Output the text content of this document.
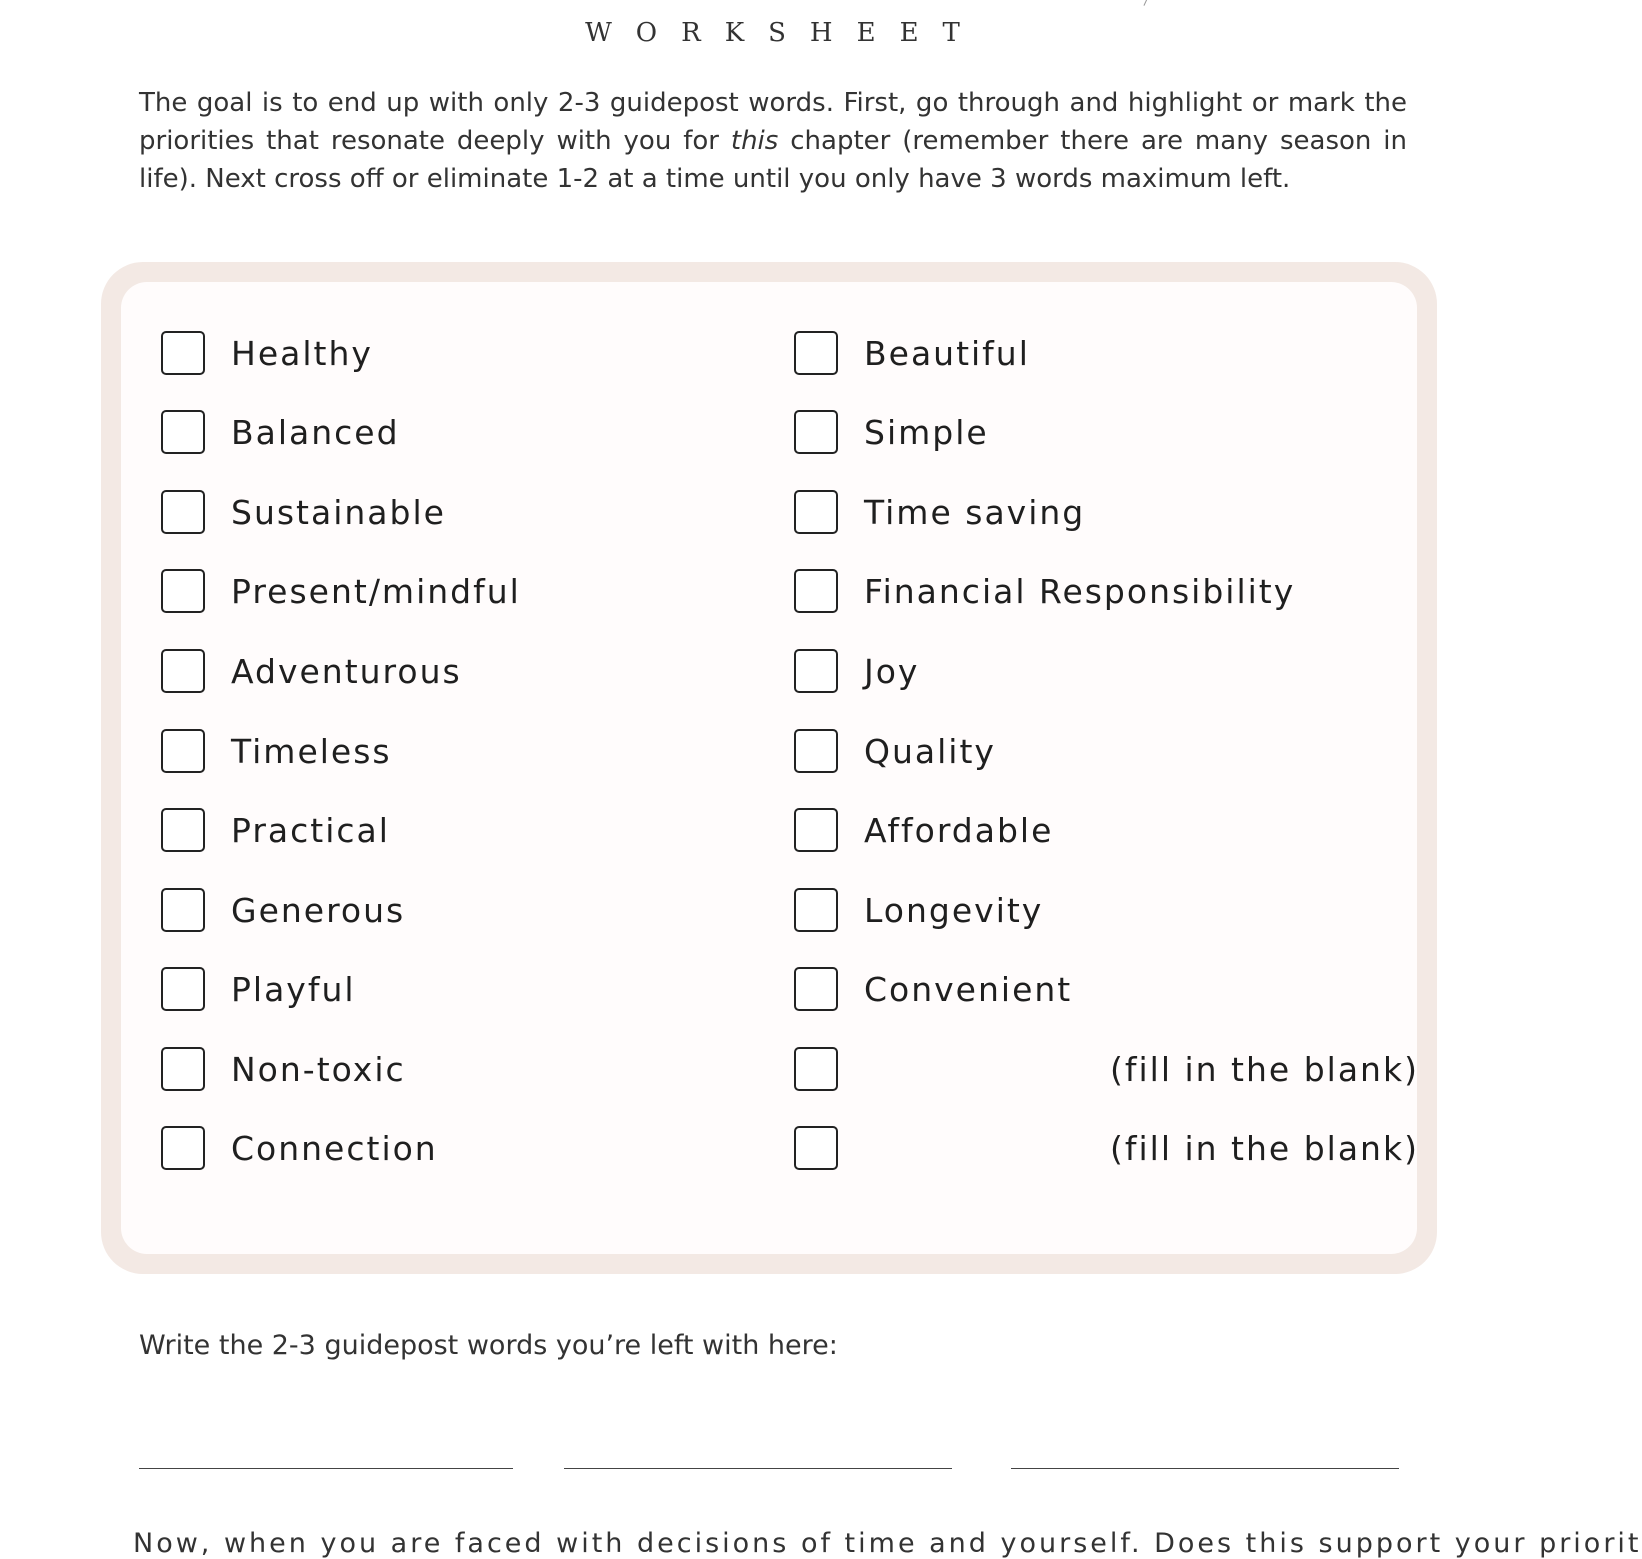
WORKSHEET
The goal is to end up with only 2-3 guidepost words. First, go through and highlight or mark the priorities that resonate deeply with you for this chapter (remember there are many season in life). Next cross off or eliminate 1-2 at a time until you only have 3 words maximum left.
Healthy
Balanced
Sustainable
Present/mindful
Adventurous
Timeless
Practical
Generous
Playful
Non-toxic
Connection
Beautiful
Simple
Time saving
Financial Responsibility
Joy
Quality
Affordable
Longevity
Convenient
(fill in the blank)
(fill in the blank)
Write the 2-3 guidepost words you’re left with here:
Now, when you are faced with decisions of time and yourself. Does this support your priorit
